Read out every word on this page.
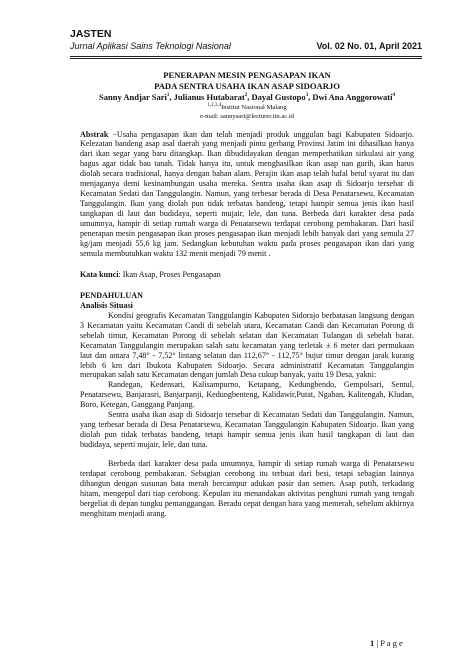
JASTEN
Jurnal Aplikasi Sains Teknologi Nasional	Vol. 02 No. 01, April 2021
PENERAPAN MESIN PENGASAPAN IKAN
PADA SENTRA USAHA IKAN ASAP SIDOARJO
Sanny Andjar Sari$^1$, Julianus Hutabarat$^2$, Dayal Gustopo$^3$, Dwi Ana Anggorowati$^4$
$^{1,2,3,4}$Institut Nasional Malang
e-mail: sannysari@lecturer.itn.ac.id
Abstrak −Usaha pengasapan ikan dan telah menjadi produk unggulan bagi Kabupaten Sidoarjo. Kelezatan bandeng asap asal daerah yang menjadi pintu gerbang Provinsi Jatim ini dihasilkan hanya dari ikan segar yang baru ditangkap. Ikan dibudidayakan dengan memperhatikan sirkulasi air yang bagus agar tidak bau tanah. Tidak hanya itu, untuk menghasilkan ikan asap nan gurih, ikan harus diolah secara tradisional, hanya dengan bahan alam. Perajin ikan asap telah hafal betul syarat itu dan menjaganya demi kesinambungan usaha mereka. Sentra usaha ikan asap di Sidoarjo tersebar di Kecamatan Sedati dan Tanggulangin. Namun, yang terbesar berada di Desa Penatarsewu, Kecamatan Tanggulangin. Ikan yang diolah pun tidak terbatas bandeng, tetapi hampir semua jenis ikan hasil tangkapan di laut dan budidaya, seperti mujair, lele, dan tuna. Berbeda dari karakter desa pada umumnya, hampir di setiap rumah warga di Penatarsewu terdapat cerobong pembakaran. Dari hasil penerapan mesin pengasapan ikan proses pengasapan ikan menjadi lebih banyak dari yang semula 27 kg/jam menjadi 55,6 kg jam. Sedangkan kebutuhan waktu pada proses pengasapan ikan dari yang semula membutuhkan waktu 132 menit menjadi 79 menit .
Kata kunci: Ikan Asap, Proses Pengasapan
PENDAHULUAN
Analisis Situasi
Kondisi geografis Kecamatan Tanggulangin Kabupaten Sidorajo berbatasan langsung dengan 3 Kecamatan yaitu Kecamatan Candi di sebelah utara, Kecamatan Candi dan Kecamatan Porong di sebelah timur, Kecamatan Porong di sebelah selatan dan Kecamatan Tulangan di sebelah barat. Kecamatan Tanggulangin merupakan salah satu kecamatan yang terletak ± 6 meter dari permukaan laut dan antara 7,48° - 7,52° lintang selatan dan 112,67° - 112,75° bujur timur dengan jarak kurang lebih 6 km dari Ibukota Kabupaten Sidoarjo. Secara administratif Kecamatan Tanggulangin merupakan salah satu Kecamatan dengan jumlah Desa cukup banyak, yaitu 19 Desa, yakni:
Randegan, Kedensari, Kalisampurno, Ketapang, Kedungbendo, Gempolsari, Sentul, Penatarsewu, Banjarasri, Banjarpanji, Kedungbenteng, Kalidawir,Putat, Ngaban, Kalitengah, Kludan, Boro, Ketegan, Ganggang Panjang.
Sentra usaha ikan asap di Sidoarjo tersebar di Kecamatan Sedati dan Tanggulangin. Namun, yang terbesar berada di Desa Penatarsewu, Kecamatan Tanggulangin Kabupaten Sidoarjo. Ikan yang diolah pun tidak terbatas bandeng, tetapi hampir semua jenis ikan hasil tangkapan di laut dan budidaya, seperti mujair, lele, dan tuna.
Berbeda dari karakter desa pada umumnya, hampir di setiap rumah warga di Penatarsewu terdapat cerobong pembakaran. Sebagian cerobong itu terbuat dari besi, tetapi sebagian lainnya dibangun dengan susunan bata merah bercampur adukan pasir dan semen. Asap putih, terkadang hitam, mengepul dari tiap cerobong. Kepulan itu menandakan aktivitas penghuni rumah yang tengah bergeliat di depan tungku pemanggangan. Beradu cepat dengan bara yang memerah, sebelum akhirnya menghitam menjadi arang.
1 | P a g e
